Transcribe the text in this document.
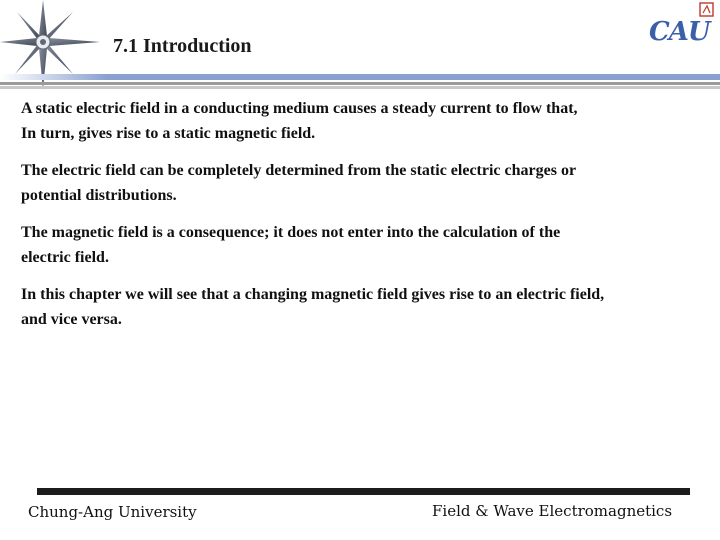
7.1 Introduction	CAU

A static electric field in a conducting medium causes a steady current to flow that,
In turn, gives rise to a static magnetic field.

The electric field can be completely determined from the static electric charges or
potential distributions.

The magnetic field is a consequence; it does not enter into the calculation of the
electric field.

In this chapter we will see that a changing magnetic field gives rise to an electric field,
and vice versa.

Chung-Ang University	Field & Wave Electromagnetics
